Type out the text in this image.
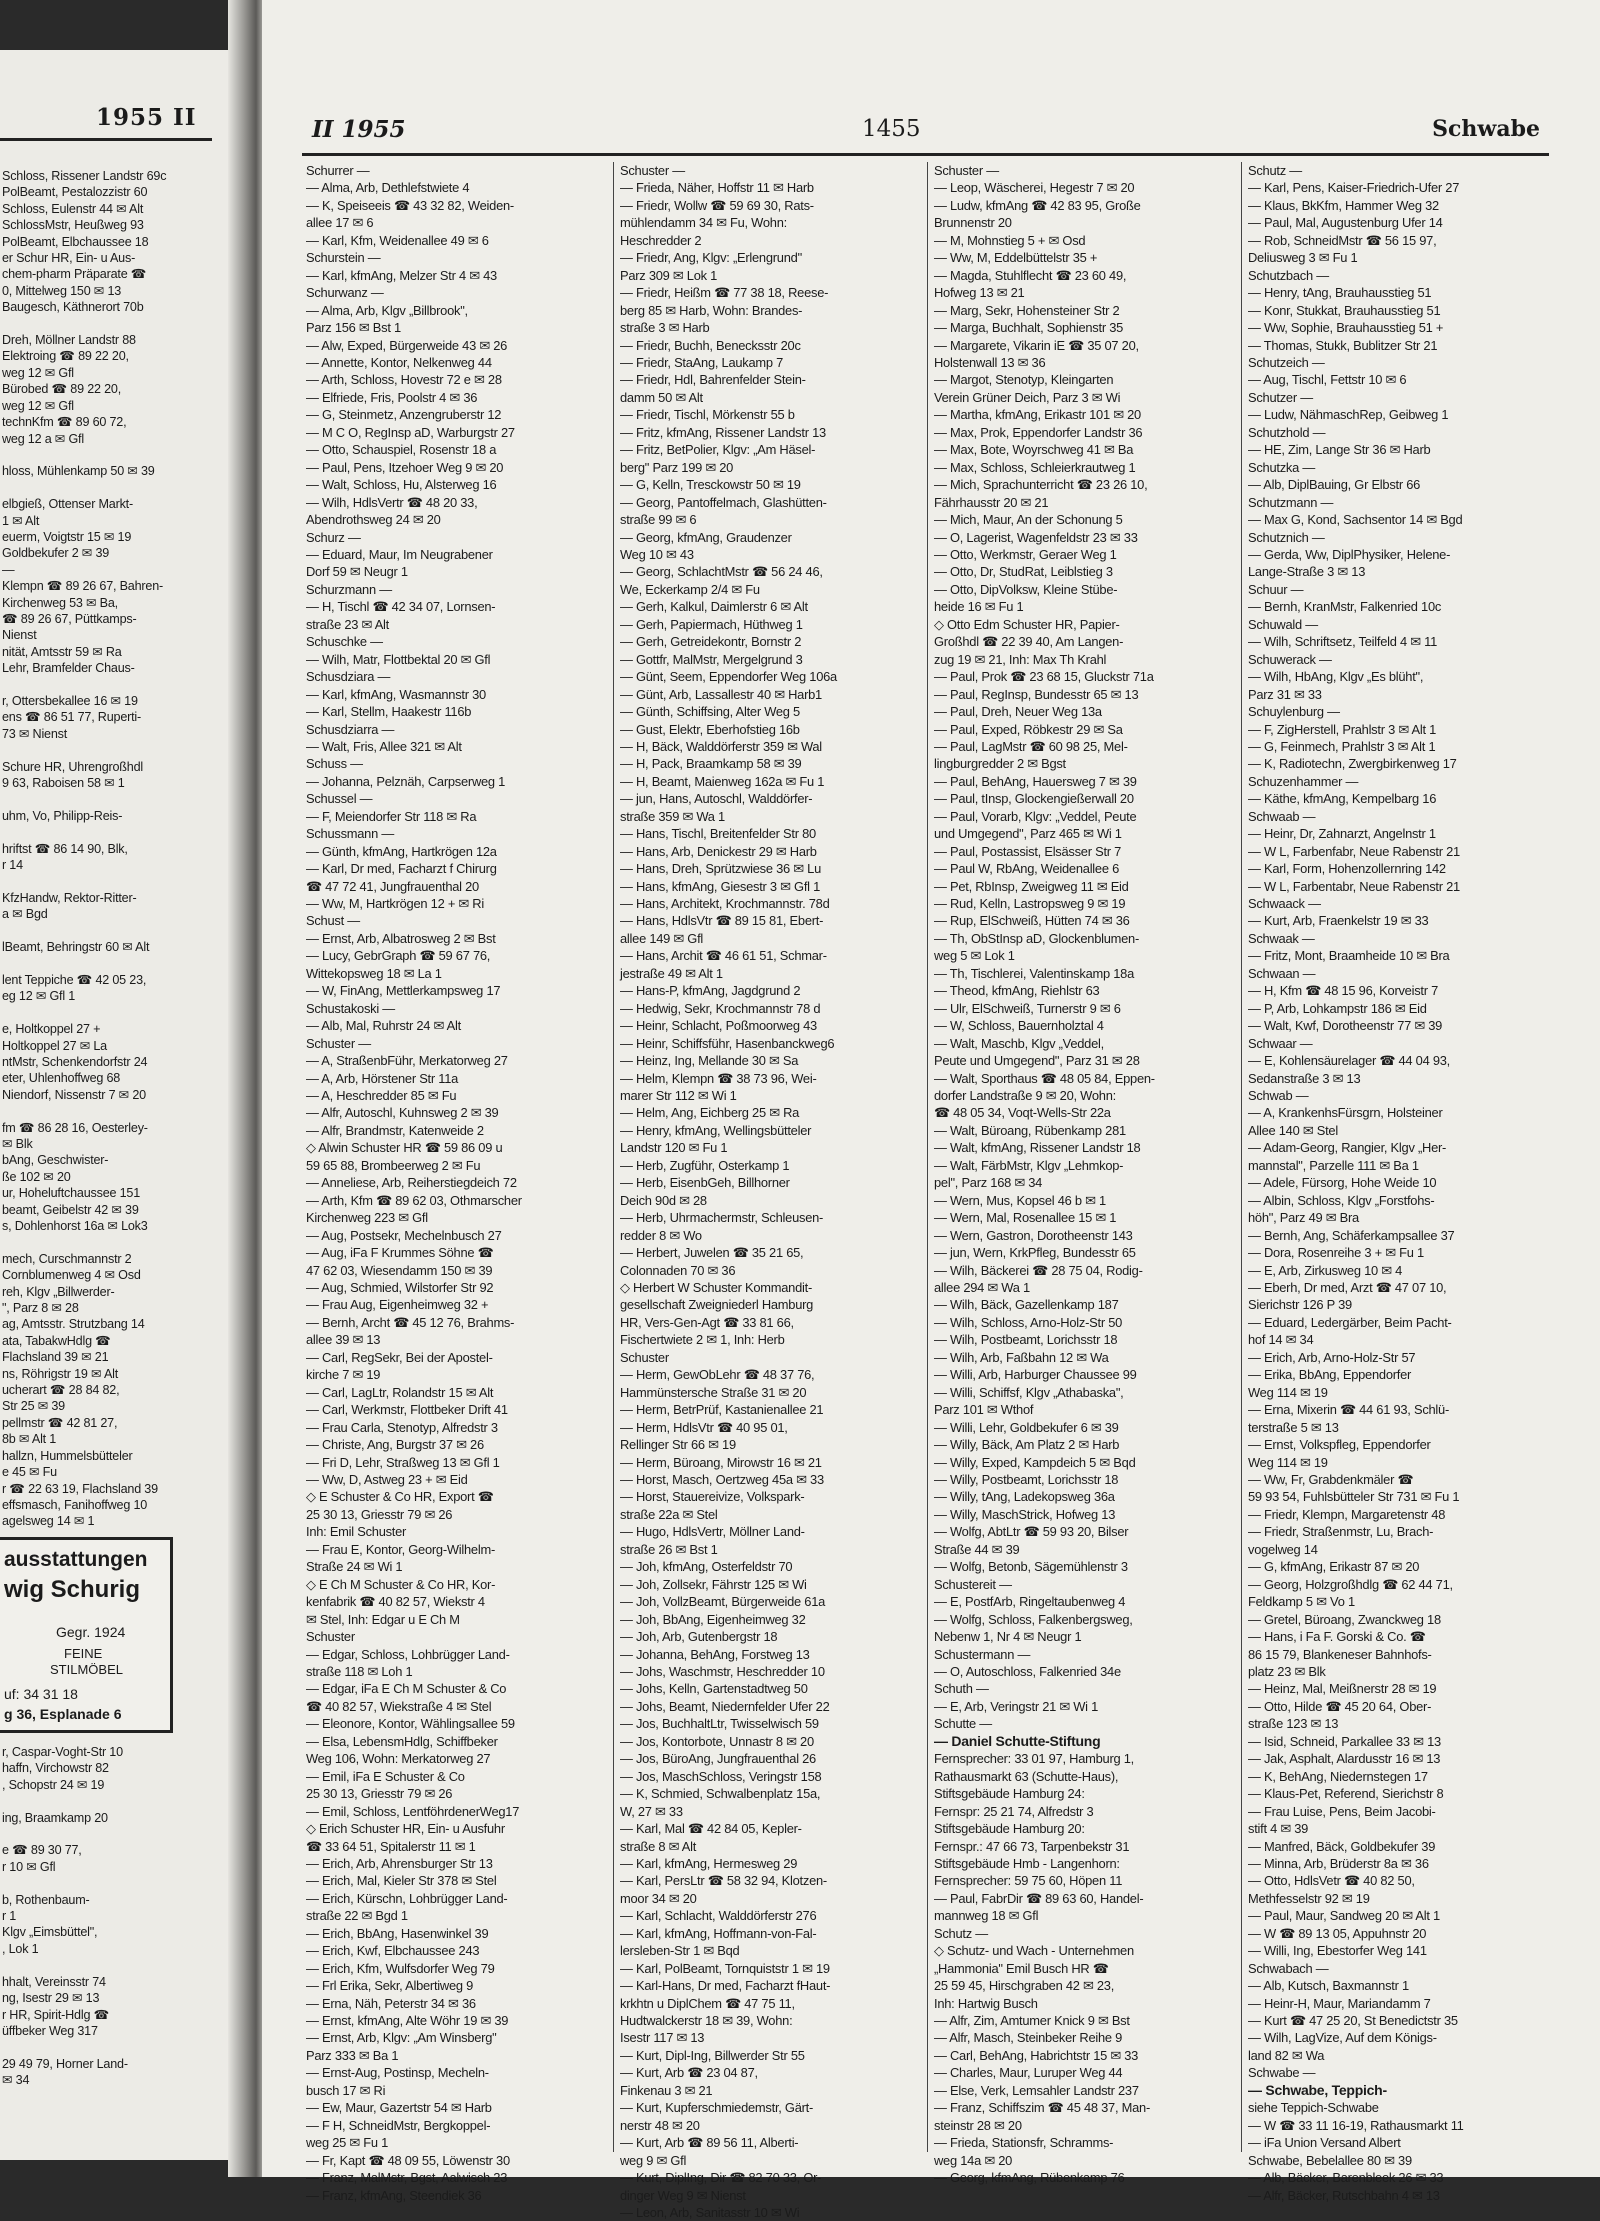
1955 II
Schloss, Rissener Landstr 69c
PolBeamt, Pestalozzistr 60
Schloss, Eulenstr 44 ✉ Alt
SchlossMstr, Heußweg 93
PolBeamt, Elbchaussee 18
er Schur HR, Ein- u Aus-
chem-pharm Präparate ☎
0, Mittelweg 150 ✉ 13
Baugesch, Käthnerort 70b

Dreh, Möllner Landstr 88
Elektroing ☎ 89 22 20,
weg 12 ✉ Gfl
Bürobed ☎ 89 22 20,
weg 12 ✉ Gfl
technKfm ☎ 89 60 72,
weg 12 a ✉ Gfl

hloss, Mühlenkamp 50 ✉ 39

elbgieß, Ottenser Markt-
1 ✉ Alt
euerm, Voigtstr 15 ✉ 19
Goldbekufer 2 ✉ 39
—
Klempn ☎ 89 26 67, Bahren-
Kirchenweg 53 ✉ Ba,
☎ 89 26 67, Püttkamps-
Nienst
nität, Amtsstr 59 ✉ Ra
Lehr, Bramfelder Chaus-

r, Ottersbekallee 16 ✉ 19
ens ☎ 86 51 77, Ruperti-
73 ✉ Nienst

Schure HR, Uhrengroßhdl
9 63, Raboisen 58 ✉ 1

uhm, Vo, Philipp-Reis-

hriftst ☎ 86 14 90, Blk,
r 14

KfzHandw, Rektor-Ritter-
a ✉ Bgd

lBeamt, Behringstr 60 ✉ Alt

lent Teppiche ☎ 42 05 23,
eg 12 ✉ Gfl 1

e, Holtkoppel 27 +
Holtkoppel 27 ✉ La
ntMstr, Schenkendorfstr 24
eter, Uhlenhoffweg 68
Niendorf, Nissenstr 7 ✉ 20

fm ☎ 86 28 16, Oesterley-
✉ Blk
bAng, Geschwister-
ße 102 ✉ 20
ur, Hoheluftchaussee 151
beamt, Geibelstr 42 ✉ 39
s, Dohlenhorst 16a ✉ Lok3

mech, Curschmannstr 2
Cornblumenweg 4 ✉ Osd
reh, Klgv „Billwerder-
", Parz 8 ✉ 28
ag, Amtsstr. Strutzbang 14
ata, TabakwHdlg ☎
Flachsland 39 ✉ 21
ns, Röhrigstr 19 ✉ Alt
ucherart ☎ 28 84 82,
Str 25 ✉ 39
pellmstr ☎ 42 81 27,
8b ✉ Alt 1
hallzn, Hummelsbütteler
e 45 ✉ Fu
r ☎ 22 63 19, Flachsland 39
effsmasch, Fanihoffweg 10
agelsweg 14 ✉ 1
ausstattungen
wig Schurig
Gegr. 1924
FEINE
STILMÖBEL
uf: 34 31 18
g 36, Esplanade 6
r, Caspar-Voght-Str 10
haffn, Virchowstr 82
, Schopstr 24 ✉ 19

ing, Braamkamp 20

e ☎ 89 30 77,
r 10 ✉ Gfl

b, Rothenbaum-
r 1
Klgv „Eimsbüttel",
, Lok 1

hhalt, Vereinsstr 74
ng, Isestr 29 ✉ 13
r HR, Spirit-Hdlg ☎
üffbeker Weg 317

29 49 79, Horner Land-
✉ 34
II 1955	1455	Schwabe
Schurrer —
— Alma, Arb, Dethlefstwiete 4
— K, Speiseeis ☎ 43 32 82, Weiden-
allee 17 ✉ 6
— Karl, Kfm, Weidenallee 49 ✉ 6
Schurstein —
— Karl, kfmAng, Melzer Str 4 ✉ 43
Schurwanz —
— Alma, Arb, Klgv „Billbrook",
Parz 156 ✉ Bst 1
— Alw, Exped, Bürgerweide 43 ✉ 26
— Annette, Kontor, Nelkenweg 44
— Arth, Schloss, Hovestr 72 e ✉ 28
— Elfriede, Fris, Poolstr 4 ✉ 36
— G, Steinmetz, Anzengruberstr 12
— M C O, RegInsp aD, Warburgstr 27
— Otto, Schauspiel, Rosenstr 18 a
— Paul, Pens, Itzehoer Weg 9 ✉ 20
— Walt, Schloss, Hu, Alsterweg 16
— Wilh, HdlsVertr ☎ 48 20 33,
Abendrothsweg 24 ✉ 20
Schurz —
— Eduard, Maur, Im Neugrabener
Dorf 59 ✉ Neugr 1
Schurzmann —
— H, Tischl ☎ 42 34 07, Lornsen-
straße 23 ✉ Alt
Schuschke —
— Wilh, Matr, Flottbektal 20 ✉ Gfl
Schusdziara —
— Karl, kfmAng, Wasmannstr 30
— Karl, Stellm, Haakestr 116b
Schusdziarra —
— Walt, Fris, Allee 321 ✉ Alt
Schuss —
— Johanna, Pelznäh, Carpserweg 1
Schussel —
— F, Meiendorfer Str 118 ✉ Ra
Schussmann —
— Günth, kfmAng, Hartkrögen 12a
— Karl, Dr med, Facharzt f Chirurg
☎ 47 72 41, Jungfrauenthal 20
— Ww, M, Hartkrögen 12 + ✉ Ri
Schust —
— Ernst, Arb, Albatrosweg 2 ✉ Bst
— Lucy, GebrGraph ☎ 59 67 76,
Wittekopsweg 18 ✉ La 1
— W, FinAng, Mettlerkampsweg 17
Schustakoski —
— Alb, Mal, Ruhrstr 24 ✉ Alt
Schuster —
— A, StraßenbFühr, Merkatorweg 27
— A, Arb, Hörstener Str 11a
— A, Heschredder 85 ✉ Fu
— Alfr, Autoschl, Kuhnsweg 2 ✉ 39
— Alfr, Brandmstr, Katenweide 2
◇ Alwin Schuster HR ☎ 59 86 09 u
59 65 88, Brombeerweg 2 ✉ Fu
— Anneliese, Arb, Reiherstiegdeich 72
— Arth, Kfm ☎ 89 62 03, Othmarscher
Kirchenweg 223 ✉ Gfl
— Aug, Postsekr, Mechelnbusch 27
— Aug, iFa F Krummes Söhne ☎
47 62 03, Wiesendamm 150 ✉ 39
— Aug, Schmied, Wilstorfer Str 92
— Frau Aug, Eigenheimweg 32 +
— Bernh, Archt ☎ 45 12 76, Brahms-
allee 39 ✉ 13
— Carl, RegSekr, Bei der Apostel-
kirche 7 ✉ 19
— Carl, LagLtr, Rolandstr 15 ✉ Alt
— Carl, Werkmstr, Flottbeker Drift 41
— Frau Carla, Stenotyp, Alfredstr 3
— Christe, Ang, Burgstr 37 ✉ 26
— Fri D, Lehr, Straßweg 13 ✉ Gfl 1
— Ww, D, Astweg 23 + ✉ Eid
◇ E Schuster & Co HR, Export ☎
25 30 13, Griesstr 79 ✉ 26
Inh: Emil Schuster
— Frau E, Kontor, Georg-Wilhelm-
Straße 24 ✉ Wi 1
◇ E Ch M Schuster & Co HR, Kor-
kenfabrik ☎ 40 82 57, Wiekstr 4
✉ Stel, Inh: Edgar u E Ch M
Schuster
— Edgar, Schloss, Lohbrügger Land-
straße 118 ✉ Loh 1
— Edgar, iFa E Ch M Schuster & Co
☎ 40 82 57, Wiekstraße 4 ✉ Stel
— Eleonore, Kontor, Wählingsallee 59
— Elsa, LebensmHdlg, Schiffbeker
Weg 106, Wohn: Merkatorweg 27
— Emil, iFa E Schuster & Co
25 30 13, Griesstr 79 ✉ 26
— Emil, Schloss, LentföhrdenerWeg17
◇ Erich Schuster HR, Ein- u Ausfuhr
☎ 33 64 51, Spitalerstr 11 ✉ 1
— Erich, Arb, Ahrensburger Str 13
— Erich, Mal, Kieler Str 378 ✉ Stel
— Erich, Kürschn, Lohbrügger Land-
straße 22 ✉ Bgd 1
— Erich, BbAng, Hasenwinkel 39
— Erich, Kwf, Elbchaussee 243
— Erich, Kfm, Wulfsdorfer Weg 79
— Frl Erika, Sekr, Albertiweg 9
— Erna, Näh, Peterstr 34 ✉ 36
— Ernst, kfmAng, Alte Wöhr 19 ✉ 39
— Ernst, Arb, Klgv: „Am Winsberg"
Parz 333 ✉ Ba 1
— Ernst-Aug, Postinsp, Mecheln-
busch 17 ✉ Ri
— Ew, Maur, Gazertstr 54 ✉ Harb
— F H, SchneidMstr, Bergkoppel-
weg 25 ✉ Fu 1
— Fr, Kapt ☎ 48 09 55, Löwenstr 30
— Franz, MalMstr, Bgst, Aalwisch 23
— Franz, kfmAng, Steendiek 36
Schuster —
— Frieda, Näher, Hoffstr 11 ✉ Harb
— Friedr, Wollw ☎ 59 69 30, Rats-
mühlendamm 34 ✉ Fu, Wohn:
Heschredder 2
— Friedr, Ang, Klgv: „Erlengrund"
Parz 309 ✉ Lok 1
— Friedr, Heißm ☎ 77 38 18, Reese-
berg 85 ✉ Harb, Wohn: Brandes-
straße 3 ✉ Harb
— Friedr, Buchh, Benecksstr 20c
— Friedr, StaAng, Laukamp 7
— Friedr, Hdl, Bahrenfelder Stein-
damm 50 ✉ Alt
— Friedr, Tischl, Mörkenstr 55 b
— Fritz, kfmAng, Rissener Landstr 13
— Fritz, BetPolier, Klgv: „Am Häsel-
berg" Parz 199 ✉ 20
— G, Kelln, Tresckowstr 50 ✉ 19
— Georg, Pantoffelmach, Glashütten-
straße 99 ✉ 6
— Georg, kfmAng, Graudenzer
Weg 10 ✉ 43
— Georg, SchlachtMstr ☎ 56 24 46,
We, Eckerkamp 2/4 ✉ Fu
— Gerh, Kalkul, Daimlerstr 6 ✉ Alt
— Gerh, Papiermach, Hüthweg 1
— Gerh, Getreidekontr, Bornstr 2
— Gottfr, MalMstr, Mergelgrund 3
— Günt, Seem, Eppendorfer Weg 106a
— Günt, Arb, Lassallestr 40 ✉ Harb1
— Günth, Schiffsing, Alter Weg 5
— Gust, Elektr, Eberhofstieg 16b
— H, Bäck, Walddörferstr 359 ✉ Wal
— H, Pack, Braamkamp 58 ✉ 39
— H, Beamt, Maienweg 162a ✉ Fu 1
— jun, Hans, Autoschl, Walddörfer-
straße 359 ✉ Wa 1
— Hans, Tischl, Breitenfelder Str 80
— Hans, Arb, Denickestr 29 ✉ Harb
— Hans, Dreh, Sprützwiese 36 ✉ Lu
— Hans, kfmAng, Giesestr 3 ✉ Gfl 1
— Hans, Architekt, Krochmannstr. 78d
— Hans, HdlsVtr ☎ 89 15 81, Ebert-
allee 149 ✉ Gfl
— Hans, Archit ☎ 46 61 51, Schmar-
jestraße 49 ✉ Alt 1
— Hans-P, kfmAng, Jagdgrund 2
— Hedwig, Sekr, Krochmannstr 78 d
— Heinr, Schlacht, Poßmoorweg 43
— Heinr, Schiffsführ, Hasenbanckweg6
— Heinz, Ing, Mellande 30 ✉ Sa
— Helm, Klempn ☎ 38 73 96, Wei-
marer Str 112 ✉ Wi 1
— Helm, Ang, Eichberg 25 ✉ Ra
— Henry, kfmAng, Wellingsbütteler
Landstr 120 ✉ Fu 1
— Herb, Zugführ, Osterkamp 1
— Herb, EisenbGeh, Billhorner
Deich 90d ✉ 28
— Herb, Uhrmachermstr, Schleusen-
redder 8 ✉ Wo
— Herbert, Juwelen ☎ 35 21 65,
Colonnaden 70 ✉ 36
◇ Herbert W Schuster Kommandit-
gesellschaft Zweigniederl Hamburg
HR, Vers-Gen-Agt ☎ 33 81 66,
Fischertwiete 2 ✉ 1, Inh: Herb
Schuster
— Herm, GewObLehr ☎ 48 37 76,
Hammünstersche Straße 31 ✉ 20
— Herm, BetrPrüf, Kastanienallee 21
— Herm, HdlsVtr ☎ 40 95 01,
Rellinger Str 66 ✉ 19
— Herm, Büroang, Mirowstr 16 ✉ 21
— Horst, Masch, Oertzweg 45a ✉ 33
— Horst, Stauereivize, Volkspark-
straße 22a ✉ Stel
— Hugo, HdlsVertr, Möllner Land-
straße 26 ✉ Bst 1
— Joh, kfmAng, Osterfeldstr 70
— Joh, Zollsekr, Fährstr 125 ✉ Wi
— Joh, VollzBeamt, Bürgerweide 61a
— Joh, BbAng, Eigenheimweg 32
— Joh, Arb, Gutenbergstr 18
— Johanna, BehAng, Forstweg 13
— Johs, Waschmstr, Heschredder 10
— Johs, Kelln, Gartenstadtweg 50
— Johs, Beamt, Niedernfelder Ufer 22
— Jos, BuchhaltLtr, Twisselwisch 59
— Jos, Kontorbote, Unnastr 8 ✉ 20
— Jos, BüroAng, Jungfrauenthal 26
— Jos, MaschSchloss, Veringstr 158
— K, Schmied, Schwalbenplatz 15a,
W, 27 ✉ 33
— Karl, Mal ☎ 42 84 05, Kepler-
straße 8 ✉ Alt
— Karl, kfmAng, Hermesweg 29
— Karl, PersLtr ☎ 58 32 94, Klotzen-
moor 34 ✉ 20
— Karl, Schlacht, Walddörferstr 276
— Karl, kfmAng, Hoffmann-von-Fal-
lersleben-Str 1 ✉ Bqd
— Karl, PolBeamt, Tornquiststr 1 ✉ 19
— Karl-Hans, Dr med, Facharzt fHaut-
krkhtn u DiplChem ☎ 47 75 11,
Hudtwalckerstr 18 ✉ 39, Wohn:
Isestr 117 ✉ 13
— Kurt, Dipl-Ing, Billwerder Str 55
— Kurt, Arb ☎ 23 04 87,
Finkenau 3 ✉ 21
— Kurt, Kupferschmiedemstr, Gärt-
nerstr 48 ✉ 20
— Kurt, Arb ☎ 89 56 11, Alberti-
weg 9 ✉ Gfl
— Kurt, DiplIng, Dir ☎ 82 70 33, Or-
dinger Weg 9 ✉ Nienst
— Leon, Arb, Sanitasstr 10 ✉ Wi
Schuster —
— Leop, Wäscherei, Hegestr 7 ✉ 20
— Ludw, kfmAng ☎ 42 83 95, Große
Brunnenstr 20
— M, Mohnstieg 5 + ✉ Osd
— Ww, M, Eddelbüttelstr 35 +
— Magda, Stuhlflecht ☎ 23 60 49,
Hofweg 13 ✉ 21
— Marg, Sekr, Hohensteiner Str 2
— Marga, Buchhalt, Sophienstr 35
— Margarete, Vikarin iE ☎ 35 07 20,
Holstenwall 13 ✉ 36
— Margot, Stenotyp, Kleingarten
Verein Grüner Deich, Parz 3 ✉ Wi
— Martha, kfmAng, Erikastr 101 ✉ 20
— Max, Prok, Eppendorfer Landstr 36
— Max, Bote, Woyrschweg 41 ✉ Ba
— Max, Schloss, Schleierkrautweg 1
— Mich, Sprachunterricht ☎ 23 26 10,
Fährhausstr 20 ✉ 21
— Mich, Maur, An der Schonung 5
— O, Lagerist, Wagenfeldstr 23 ✉ 33
— Otto, Werkmstr, Geraer Weg 1
— Otto, Dr, StudRat, Leiblstieg 3
— Otto, DipVolksw, Kleine Stübe-
heide 16 ✉ Fu 1
◇ Otto Edm Schuster HR, Papier-
Großhdl ☎ 22 39 40, Am Langen-
zug 19 ✉ 21, Inh: Max Th Krahl
— Paul, Prok ☎ 23 68 15, Gluckstr 71a
— Paul, RegInsp, Bundesstr 65 ✉ 13
— Paul, Dreh, Neuer Weg 13a
— Paul, Exped, Röbkestr 29 ✉ Sa
— Paul, LagMstr ☎ 60 98 25, Mel-
lingburgredder 2 ✉ Bgst
— Paul, BehAng, Hauersweg 7 ✉ 39
— Paul, tInsp, Glockengießerwall 20
— Paul, Vorarb, Klgv: „Veddel, Peute
und Umgegend", Parz 465 ✉ Wi 1
— Paul, Postassist, Elsässer Str 7
— Paul W, RbAng, Weidenallee 6
— Pet, RbInsp, Zweigweg 11 ✉ Eid
— Rud, Kelln, Lastropsweg 9 ✉ 19
— Rup, ElSchweiß, Hütten 74 ✉ 36
— Th, ObStInsp aD, Glockenblumen-
weg 5 ✉ Lok 1
— Th, Tischlerei, Valentinskamp 18a
— Theod, kfmAng, Riehlstr 63
— Ulr, ElSchweiß, Turnerstr 9 ✉ 6
— W, Schloss, Bauernholztal 4
— Walt, Maschb, Klgv „Veddel,
Peute und Umgegend", Parz 31 ✉ 28
— Walt, Sporthaus ☎ 48 05 84, Eppen-
dorfer Landstraße 9 ✉ 20, Wohn:
☎ 48 05 34, Voqt-Wells-Str 22a
— Walt, Büroang, Rübenkamp 281
— Walt, kfmAng, Rissener Landstr 18
— Walt, FärbMstr, Klgv „Lehmkop-
pel", Parz 168 ✉ 34
— Wern, Mus, Kopsel 46 b ✉ 1
— Wern, Mal, Rosenallee 15 ✉ 1
— Wern, Gastron, Dorotheenstr 143
— jun, Wern, KrkPfleg, Bundesstr 65
— Wilh, Bäckerei ☎ 28 75 04, Rodig-
allee 294 ✉ Wa 1
— Wilh, Bäck, Gazellenkamp 187
— Wilh, Schloss, Arno-Holz-Str 50
— Wilh, Postbeamt, Lorichsstr 18
— Wilh, Arb, Faßbahn 12 ✉ Wa
— Willi, Arb, Harburger Chaussee 99
— Willi, Schiffsf, Klgv „Athabaska",
Parz 101 ✉ Wthof
— Willi, Lehr, Goldbekufer 6 ✉ 39
— Willy, Bäck, Am Platz 2 ✉ Harb
— Willy, Exped, Kampdeich 5 ✉ Bqd
— Willy, Postbeamt, Lorichsstr 18
— Willy, tAng, Ladekopsweg 36a
— Willy, MaschStrick, Hofweg 13
— Wolfg, AbtLtr ☎ 59 93 20, Bilser
Straße 44 ✉ 39
— Wolfg, Betonb, Sägemühlenstr 3
Schustereit —
— E, PostfArb, Ringeltaubenweg 4
— Wolfg, Schloss, Falkenbergsweg,
Nebenw 1, Nr 4 ✉ Neugr 1
Schustermann —
— O, Autoschloss, Falkenried 34e
Schuth —
— E, Arb, Veringstr 21 ✉ Wi 1
Schutte —
— Daniel Schutte-Stiftung
Fernsprecher: 33 01 97, Hamburg 1,
Rathausmarkt 63 (Schutte-Haus),
Stiftsgebäude Hamburg 24:
Fernspr: 25 21 74, Alfredstr 3
Stiftsgebäude Hamburg 20:
Fernspr.: 47 66 73, Tarpenbekstr 31
Stiftsgebäude Hmb - Langenhorn:
Fernsprecher: 59 75 60, Höpen 11
— Paul, FabrDir ☎ 89 63 60, Handel-
mannweg 18 ✉ Gfl
Schutz —
◇ Schutz- und Wach - Unternehmen
„Hammonia" Emil Busch HR ☎
25 59 45, Hirschgraben 42 ✉ 23,
Inh: Hartwig Busch
— Alfr, Zim, Amtumer Knick 9 ✉ Bst
— Alfr, Masch, Steinbeker Reihe 9
— Carl, BehAng, Habrichtstr 15 ✉ 33
— Charles, Maur, Luruper Weg 44
— Else, Verk, Lemsahler Landstr 237
— Franz, Schiffszim ☎ 45 48 37, Man-
steinstr 28 ✉ 20
— Frieda, Stationsfr, Schramms-
weg 14a ✉ 20
— Georg, kfmAng, Rübenkamp 76
Schutz —
— Karl, Pens, Kaiser-Friedrich-Ufer 27
— Klaus, BkKfm, Hammer Weg 32
— Paul, Mal, Augustenburg Ufer 14
— Rob, SchneidMstr ☎ 56 15 97,
Deliusweg 3 ✉ Fu 1
Schutzbach —
— Henry, tAng, Brauhausstieg 51
— Konr, Stukkat, Brauhausstieg 51
— Ww, Sophie, Brauhausstieg 51 +
— Thomas, Stukk, Bublitzer Str 21
Schutzeich —
— Aug, Tischl, Fettstr 10 ✉ 6
Schutzer —
— Ludw, NähmaschRep, Geibweg 1
Schutzhold —
— HE, Zim, Lange Str 36 ✉ Harb
Schutzka —
— Alb, DiplBauing, Gr Elbstr 66
Schutzmann —
— Max G, Kond, Sachsentor 14 ✉ Bgd
Schutznich —
— Gerda, Ww, DiplPhysiker, Helene-
Lange-Straße 3 ✉ 13
Schuur —
— Bernh, KranMstr, Falkenried 10c
Schuwald —
— Wilh, Schriftsetz, Teilfeld 4 ✉ 11
Schuwerack —
— Wilh, HbAng, Klgv „Es blüht",
Parz 31 ✉ 33
Schuylenburg —
— F, ZigHerstell, Prahlstr 3 ✉ Alt 1
— G, Feinmech, Prahlstr 3 ✉ Alt 1
— K, Radiotechn, Zwergbirkenweg 17
Schuzenhammer —
— Käthe, kfmAng, Kempelbarg 16
Schwaab —
— Heinr, Dr, Zahnarzt, Angelnstr 1
— W L, Farbenfabr, Neue Rabenstr 21
— Karl, Form, Hohenzollernring 142
— W L, Farbentabr, Neue Rabenstr 21
Schwaack —
— Kurt, Arb, Fraenkelstr 19 ✉ 33
Schwaak —
— Fritz, Mont, Braamheide 10 ✉ Bra
Schwaan —
— H, Kfm ☎ 48 15 96, Korveistr 7
— P, Arb, Lohkampstr 186 ✉ Eid
— Walt, Kwf, Dorotheenstr 77 ✉ 39
Schwaar —
— E, Kohlensäurelager ☎ 44 04 93,
Sedanstraße 3 ✉ 13
Schwab —
— A, KrankenhsFürsgrn, Holsteiner
Allee 140 ✉ Stel
— Adam-Georg, Rangier, Klgv „Her-
mannstal", Parzelle 111 ✉ Ba 1
— Adele, Fürsorg, Hohe Weide 10
— Albin, Schloss, Klgv „Forstfohs-
höh", Parz 49 ✉ Bra
— Bernh, Ang, Schäferkampsallee 37
— Dora, Rosenreihe 3 + ✉ Fu 1
— E, Arb, Zirkusweg 10 ✉ 4
— Eberh, Dr med, Arzt ☎ 47 07 10,
Sierichstr 126 P 39
— Eduard, Ledergärber, Beim Pacht-
hof 14 ✉ 34
— Erich, Arb, Arno-Holz-Str 57
— Erika, BbAng, Eppendorfer
Weg 114 ✉ 19
— Erna, Mixerin ☎ 44 61 93, Schlü-
terstraße 5 ✉ 13
— Ernst, Volkspfleg, Eppendorfer
Weg 114 ✉ 19
— Ww, Fr, Grabdenkmäler ☎
59 93 54, Fuhlsbütteler Str 731 ✉ Fu 1
— Friedr, Klempn, Margaretenstr 48
— Friedr, Straßenmstr, Lu, Brach-
vogelweg 14
— G, kfmAng, Erikastr 87 ✉ 20
— Georg, Holzgroßhdlg ☎ 62 44 71,
Feldkamp 5 ✉ Vo 1
— Gretel, Büroang, Zwanckweg 18
— Hans, i Fa F. Gorski & Co. ☎
86 15 79, Blankeneser Bahnhofs-
platz 23 ✉ Blk
— Heinz, Mal, Meißnerstr 28 ✉ 19
— Otto, Hilde ☎ 45 20 64, Ober-
straße 123 ✉ 13
— Isid, Schneid, Parkallee 33 ✉ 13
— Jak, Asphalt, Alardusstr 16 ✉ 13
— K, BehAng, Niedernstegen 17
— Klaus-Pet, Referend, Sierichstr 8
— Frau Luise, Pens, Beim Jacobi-
stift 4 ✉ 39
— Manfred, Bäck, Goldbekufer 39
— Minna, Arb, Brüderstr 8a ✉ 36
— Otto, HdlsVetr ☎ 40 82 50,
Methfesselstr 92 ✉ 19
— Paul, Maur, Sandweg 20 ✉ Alt 1
— W ☎ 89 13 05, Appuhnstr 20
— Willi, Ing, Ebestorfer Weg 141
Schwabach —
— Alb, Kutsch, Baxmannstr 1
— Heinr-H, Maur, Mariandamm 7
— Kurt ☎ 47 25 20, St Benedictstr 35
— Wilh, LagVize, Auf dem Königs-
land 82 ✉ Wa
Schwabe —
— Schwabe, Teppich-
siehe Teppich-Schwabe
— W ☎ 33 11 16-19, Rathausmarkt 11
— iFa Union Versand Albert
Schwabe, Bebelallee 80 ✉ 39
— Alb, Bäcker, Barenbleek 26 ✉ 33
— Alfr, Bäcker, Rutschbahn 4 ✉ 13
